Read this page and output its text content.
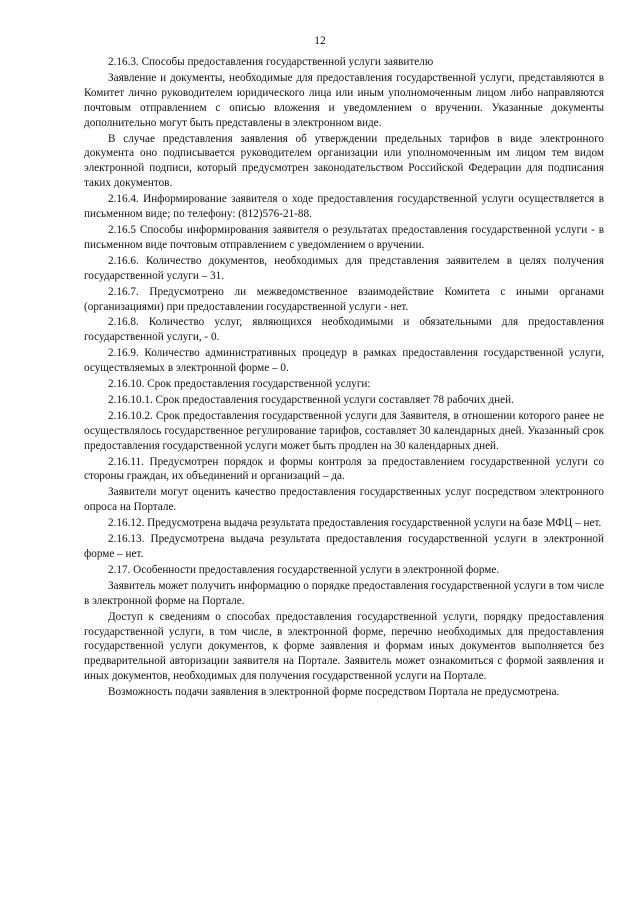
12

2.16.3. Способы предоставления государственной услуги заявителю

Заявление и документы, необходимые для предоставления государственной услуги, представляются в Комитет лично руководителем юридического лица или иным уполномоченным лицом либо направляются почтовым отправлением с описью вложения и уведомлением о вручении. Указанные документы дополнительно могут быть представлены в электронном виде.

В случае представления заявления об утверждении предельных тарифов в виде электронного документа оно подписывается руководителем организации или уполномоченным им лицом тем видом электронной подписи, который предусмотрен законодательством Российской Федерации для подписания таких документов.

2.16.4. Информирование заявителя о ходе предоставления государственной услуги осуществляется в письменном виде; по телефону: (812)576-21-88.

2.16.5 Способы информирования заявителя о результатах предоставления государственной услуги - в письменном виде почтовым отправлением с уведомлением о вручении.

2.16.6. Количество документов, необходимых для представления заявителем в целях получения государственной услуги – 31.

2.16.7. Предусмотрено ли межведомственное взаимодействие Комитета с иными органами (организациями) при предоставлении государственной услуги - нет.

2.16.8. Количество услуг, являющихся необходимыми и обязательными для предоставления государственной услуги, - 0.

2.16.9. Количество административных процедур в рамках предоставления государственной услуги, осуществляемых в электронной форме – 0.

2.16.10. Срок предоставления государственной услуги:

2.16.10.1. Срок предоставления государственной услуги составляет 78 рабочих дней.

2.16.10.2. Срок предоставления государственной услуги для Заявителя, в отношении которого ранее не осуществлялось государственное регулирование тарифов, составляет 30 календарных дней. Указанный срок предоставления государственной услуги может быть продлен на 30 календарных дней.

2.16.11. Предусмотрен порядок и формы контроля за предоставлением государственной услуги со стороны граждан, их объединений и организаций – да.

Заявители могут оценить качество предоставления государственных услуг посредством электронного опроса на Портале.

2.16.12. Предусмотрена выдача результата предоставления государственной услуги на базе МФЦ – нет.

2.16.13. Предусмотрена выдача результата предоставления государственной услуги в электронной форме – нет.

2.17. Особенности предоставления государственной услуги в электронной форме.

Заявитель может получить информацию о порядке предоставления государственной услуги в том числе в электронной форме на Портале.

Доступ к сведениям о способах предоставления государственной услуги, порядку предоставления государственной услуги, в том числе, в электронной форме, перечню необходимых для предоставления государственной услуги документов, к форме заявления и формам иных документов выполняется без предварительной авторизации заявителя на Портале. Заявитель может ознакомиться с формой заявления и иных документов, необходимых для получения государственной услуги на Портале.

Возможность подачи заявления в электронной форме посредством Портала не предусмотрена.
